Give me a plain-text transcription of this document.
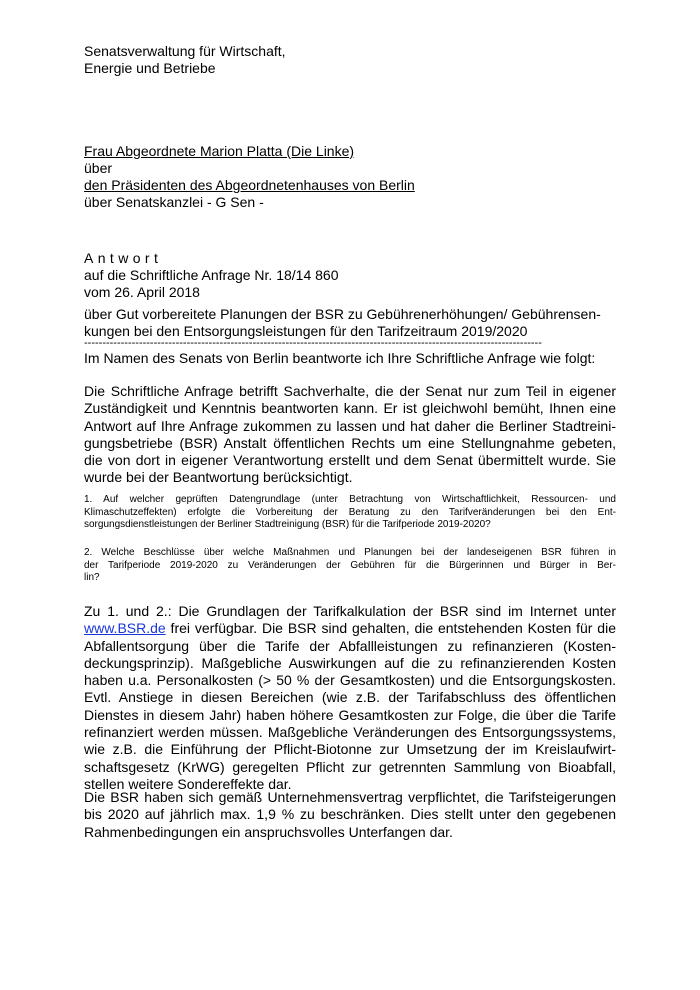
Senatsverwaltung für Wirtschaft,
Energie und Betriebe
Frau Abgeordnete Marion Platta (Die Linke)
über
den Präsidenten des Abgeordnetenhauses von Berlin
über Senatskanzlei - G Sen -
Antwort
auf die Schriftliche Anfrage Nr. 18/14 860
vom 26. April 2018
über Gut vorbereitete Planungen der BSR zu Gebührenerhöhungen/ Gebührensen-
kungen bei den Entsorgungsleistungen für den Tarifzeitraum 2019/2020
-----------------------------------------------------------------------------------------------------------------------------
Im Namen des Senats von Berlin beantworte ich Ihre Schriftliche Anfrage wie folgt:
Die Schriftliche Anfrage betrifft Sachverhalte, die der Senat nur zum Teil in eigener
Zuständigkeit und Kenntnis beantworten kann. Er ist gleichwohl bemüht, Ihnen eine
Antwort auf Ihre Anfrage zukommen zu lassen und hat daher die Berliner Stadtreini-
gungsbetriebe (BSR) Anstalt öffentlichen Rechts um eine Stellungnahme gebeten,
die von dort in eigener Verantwortung erstellt und dem Senat übermittelt wurde. Sie
wurde bei der Beantwortung berücksichtigt.
1. Auf welcher geprüften Datengrundlage (unter Betrachtung von Wirtschaftlichkeit, Ressourcen- und
Klimaschutzeffekten) erfolgte die Vorbereitung der Beratung zu den Tarifveränderungen bei den Ent-
sorgungsdienstleistungen der Berliner Stadtreinigung (BSR) für die Tarifperiode 2019-2020?
2. Welche Beschlüsse über welche Maßnahmen und Planungen bei der landeseigenen BSR führen in
der Tarifperiode 2019-2020 zu Veränderungen der Gebühren für die Bürgerinnen und Bürger in Ber-
lin?
Zu 1. und 2.: Die Grundlagen der Tarifkalkulation der BSR sind im Internet unter
www.BSR.de frei verfügbar. Die BSR sind gehalten, die entstehenden Kosten für die
Abfallentsorgung über die Tarife der Abfallleistungen zu refinanzieren (Kosten-
deckungsprinzip). Maßgebliche Auswirkungen auf die zu refinanzierenden Kosten
haben u.a. Personalkosten (> 50 % der Gesamtkosten) und die Entsorgungskosten.
Evtl. Anstiege in diesen Bereichen (wie z.B. der Tarifabschluss des öffentlichen
Dienstes in diesem Jahr) haben höhere Gesamtkosten zur Folge, die über die Tarife
refinanziert werden müssen. Maßgebliche Veränderungen des Entsorgungssystems,
wie z.B. die Einführung der Pflicht-Biotonne zur Umsetzung der im Kreislaufwirt-
schaftsgesetz (KrWG) geregelten Pflicht zur getrennten Sammlung von Bioabfall,
stellen weitere Sondereffekte dar.
Die BSR haben sich gemäß Unternehmensvertrag verpflichtet, die Tarifsteigerungen
bis 2020 auf jährlich max. 1,9 % zu beschränken. Dies stellt unter den gegebenen
Rahmenbedingungen ein anspruchsvolles Unterfangen dar.
